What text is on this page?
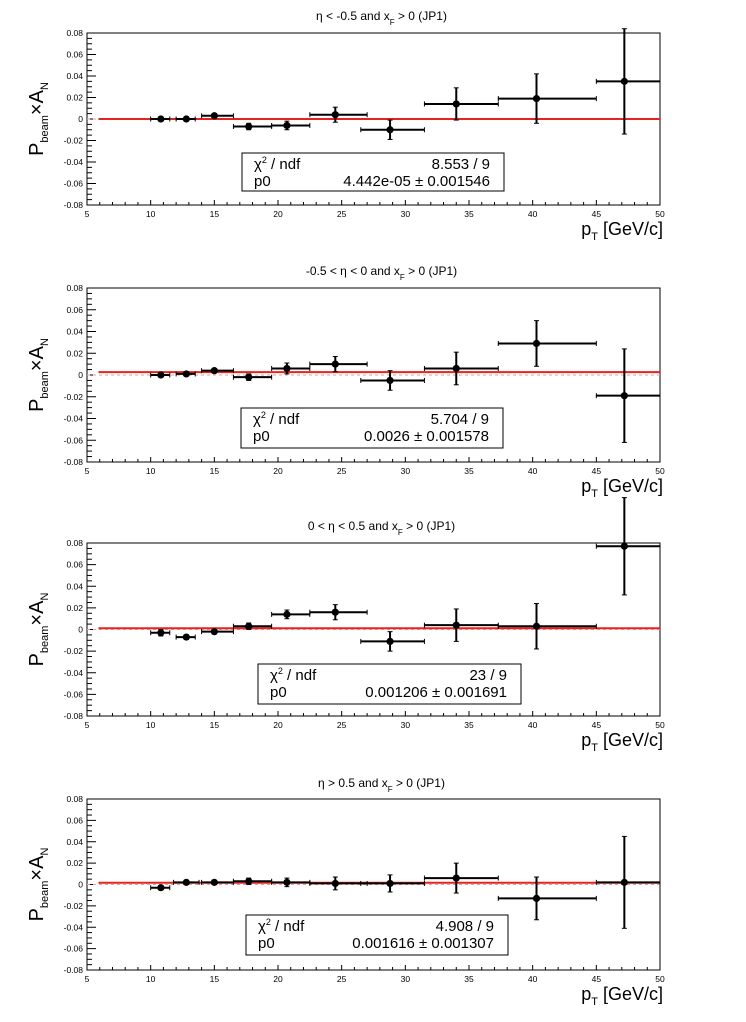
η < -0.5 and $x_F > 0$ (JP1)
-0.08
-0.06
-0.04
-0.02
0
0.02
0.04
0.06
0.08
5	10	15	20	25	30	35	40	45	50
$\chi^2$ / ndf	8.553 / 9
p0	4.442e-05 ± 0.001546
$P_{beam}\times A_N$
$p_T$ [GeV/c]
-0.5 < η < 0 and $x_F > 0$ (JP1)
-0.08
-0.06
-0.04
-0.02
0
0.02
0.04
0.06
0.08
5	10	15	20	25	30	35	40	45	50
$\chi^2$ / ndf	5.704 / 9
p0	0.0026 ± 0.001578
$P_{beam}\times A_N$
$p_T$ [GeV/c]
0 < η < 0.5 and $x_F > 0$ (JP1)
-0.08
-0.06
-0.04
-0.02
0
0.02
0.04
0.06
0.08
5	10	15	20	25	30	35	40	45	50
$\chi^2$ / ndf	23 / 9
p0	0.001206 ± 0.001691
$P_{beam}\times A_N$
$p_T$ [GeV/c]
η > 0.5 and $x_F > 0$ (JP1)
-0.08
-0.06
-0.04
-0.02
0
0.02
0.04
0.06
0.08
5	10	15	20	25	30	35	40	45	50
$\chi^2$ / ndf	4.908 / 9
p0	0.001616 ± 0.001307
$P_{beam}\times A_N$
$p_T$ [GeV/c]
